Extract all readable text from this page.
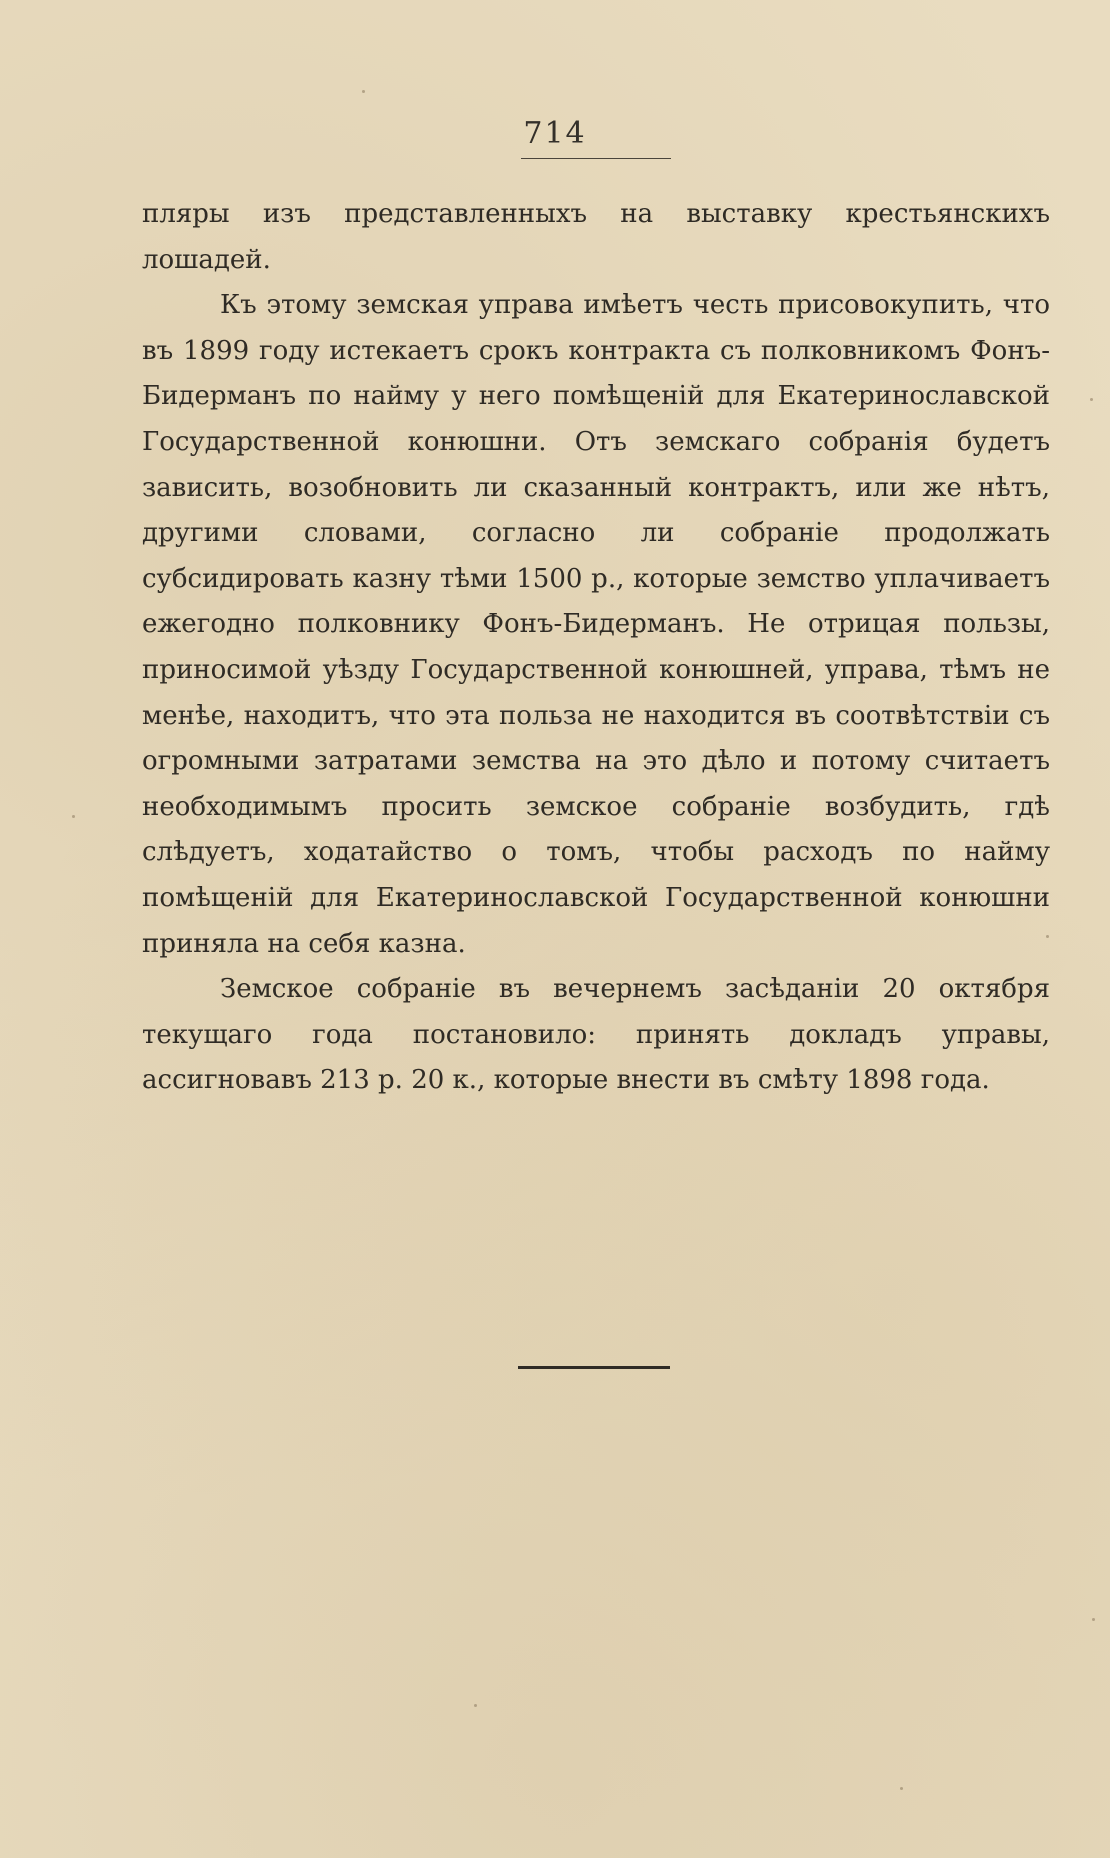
714

пляры изъ представленныхъ на выставку крестьянскихъ лошадей.

Къ этому земская управа имѣетъ честь присовокупить, что въ 1899 году истекаетъ срокъ контракта съ полковникомъ Фонъ-Бидерманъ по найму у него помѣщеній для Екатеринославской Государственной конюшни. Отъ земскаго собранія будетъ зависить, возобновить ли сказанный контрактъ, или же нѣтъ, другими словами, согласно ли собраніе продолжать субсидировать казну тѣми 1500 р., которые земство уплачиваетъ ежегодно полковнику Фонъ-Бидерманъ. Не отрицая пользы, приносимой уѣзду Государственной конюшней, управа, тѣмъ не менѣе, находитъ, что эта польза не находится въ соотвѣтствіи съ огромными затратами земства на это дѣло и потому считаетъ необходимымъ просить земское собраніе возбудить, гдѣ слѣдуетъ, ходатайство о томъ, чтобы расходъ по найму помѣщеній для Екатеринославской Государственной конюшни приняла на себя казна.

Земское собраніе въ вечернемъ засѣданіи 20 октября текущаго года постановило: принять докладъ управы, ассигновавъ 213 р. 20 к., которые внести въ смѣту 1898 года.
